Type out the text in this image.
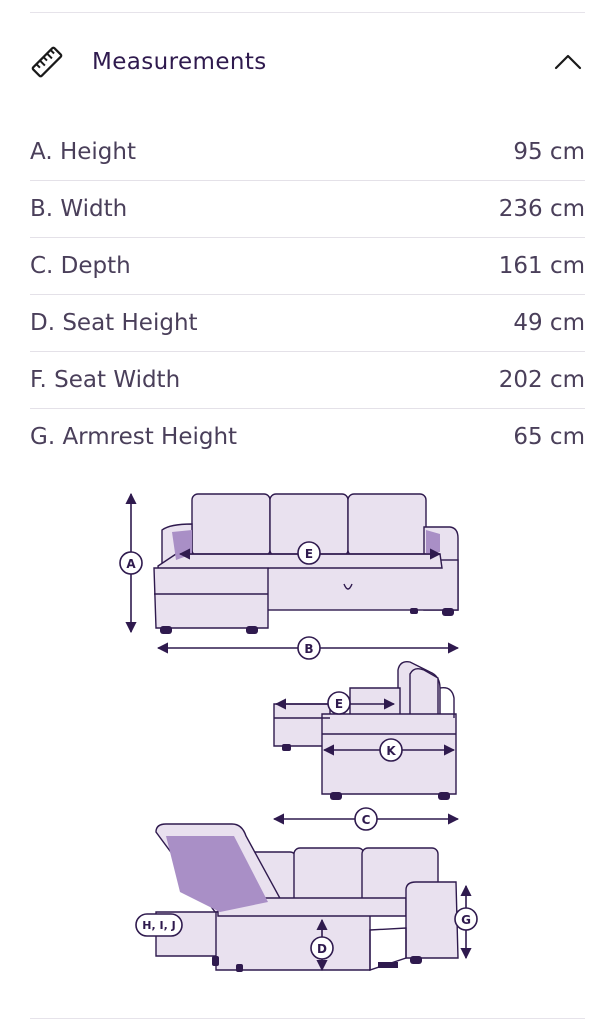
Measurements
A. Height	95 cm
B. Width	236 cm
C. Depth	161 cm
D. Seat Height	49 cm
F. Seat Width	202 cm
G. Armrest Height	65 cm
A
E
B
E
K
C
G
D
H, I, J
